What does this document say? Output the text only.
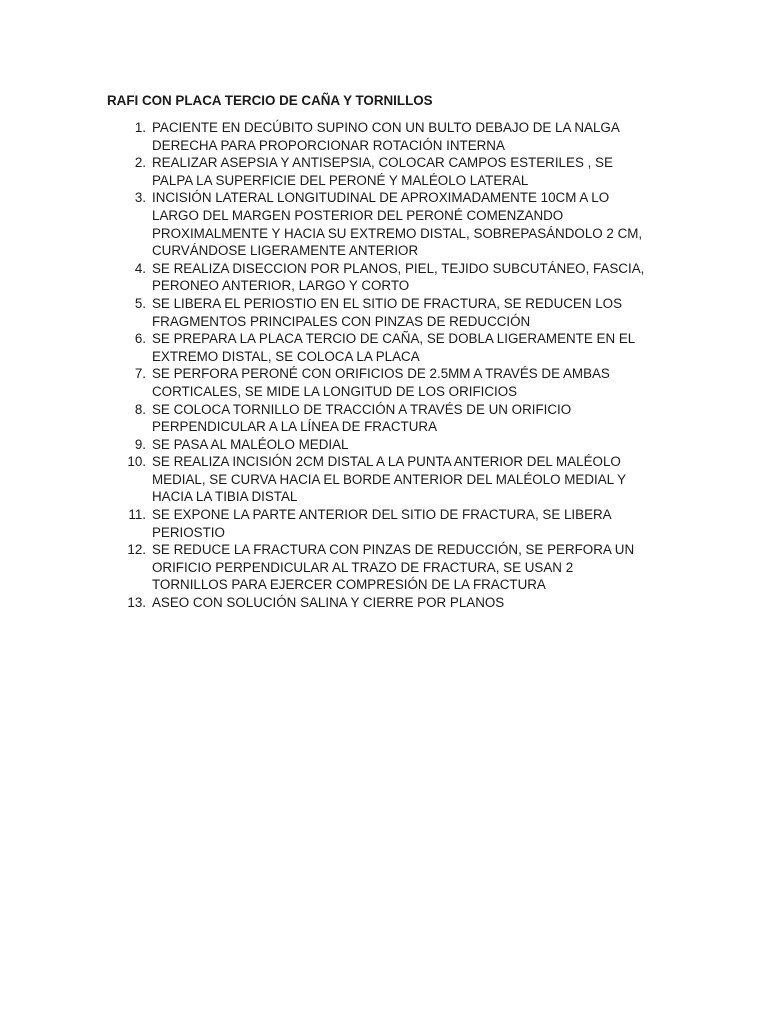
RAFI CON PLACA TERCIO DE CAÑA Y TORNILLOS
1. PACIENTE EN DECÚBITO SUPINO CON UN BULTO DEBAJO DE LA NALGA
DERECHA PARA PROPORCIONAR ROTACIÓN INTERNA
2. REALIZAR ASEPSIA Y ANTISEPSIA, COLOCAR CAMPOS ESTERILES , SE
PALPA LA SUPERFICIE DEL PERONÉ Y MALÉOLO LATERAL
3. INCISIÓN LATERAL LONGITUDINAL DE APROXIMADAMENTE 10CM A LO
LARGO DEL MARGEN POSTERIOR DEL PERONÉ COMENZANDO
PROXIMALMENTE Y HACIA SU EXTREMO DISTAL, SOBREPASÁNDOLO 2 CM,
CURVÁNDOSE LIGERAMENTE ANTERIOR
4. SE REALIZA DISECCION POR PLANOS, PIEL, TEJIDO SUBCUTÁNEO, FASCIA,
PERONEO ANTERIOR, LARGO Y CORTO
5. SE LIBERA EL PERIOSTIO EN EL SITIO DE FRACTURA, SE REDUCEN LOS
FRAGMENTOS PRINCIPALES CON PINZAS DE REDUCCIÓN
6. SE PREPARA LA PLACA TERCIO DE CAÑA, SE DOBLA LIGERAMENTE EN EL
EXTREMO DISTAL, SE COLOCA LA PLACA
7. SE PERFORA PERONÉ CON ORIFICIOS DE 2.5MM A TRAVÉS DE AMBAS
CORTICALES, SE MIDE LA LONGITUD DE LOS ORIFICIOS
8. SE COLOCA TORNILLO DE TRACCIÓN A TRAVÉS DE UN ORIFICIO
PERPENDICULAR A LA LÍNEA DE FRACTURA
9. SE PASA AL MALÉOLO MEDIAL
10. SE REALIZA INCISIÓN 2CM DISTAL A LA PUNTA ANTERIOR DEL MALÉOLO
MEDIAL, SE CURVA HACIA EL BORDE ANTERIOR DEL MALÉOLO MEDIAL Y
HACIA LA TIBIA DISTAL
11. SE EXPONE LA PARTE ANTERIOR DEL SITIO DE FRACTURA, SE LIBERA
PERIOSTIO
12. SE REDUCE LA FRACTURA CON PINZAS DE REDUCCIÓN, SE PERFORA UN
ORIFICIO PERPENDICULAR AL TRAZO DE FRACTURA, SE USAN 2
TORNILLOS PARA EJERCER COMPRESIÓN DE LA FRACTURA
13. ASEO CON SOLUCIÓN SALINA Y CIERRE POR PLANOS
